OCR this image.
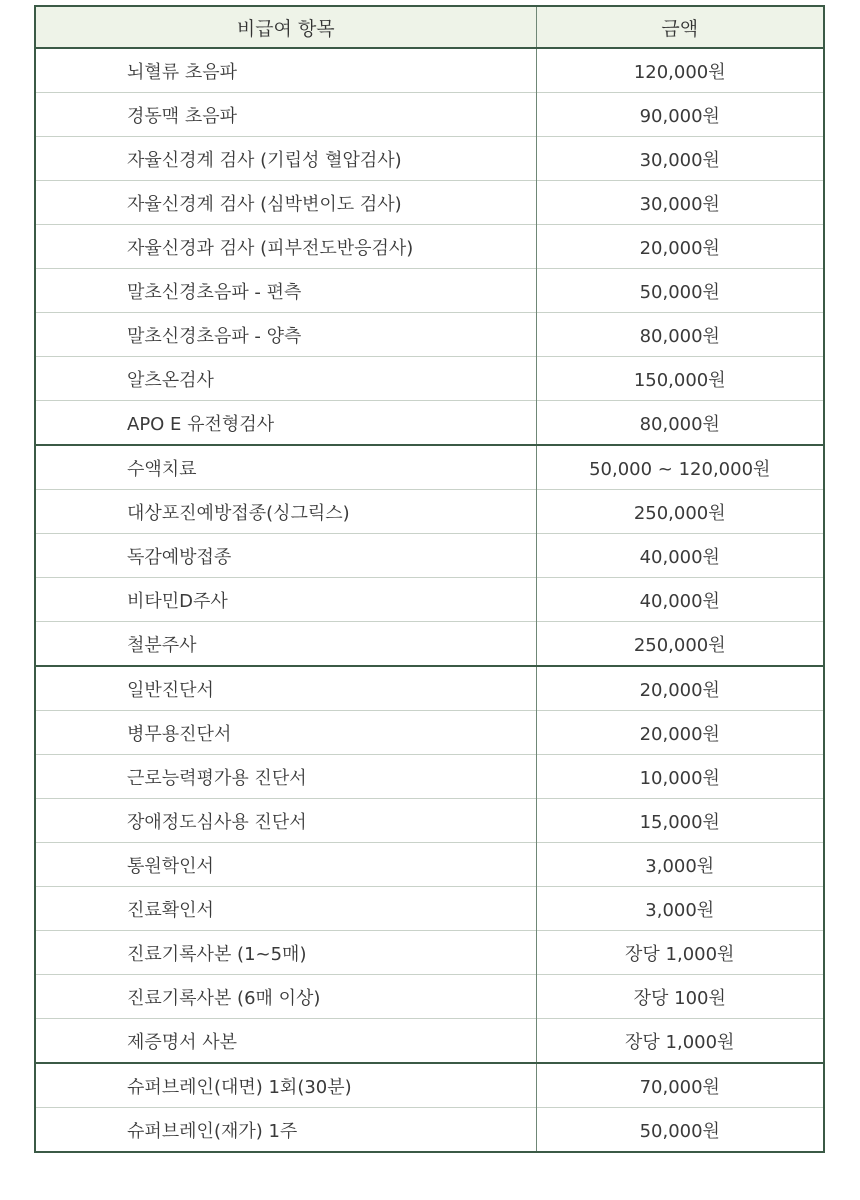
비급여 항목	금액
뇌혈류 초음파	120,000원
경동맥 초음파	90,000원
자율신경계 검사 (기립성 혈압검사)	30,000원
자율신경계 검사 (심박변이도 검사)	30,000원
자율신경과 검사 (피부전도반응검사)	20,000원
말초신경초음파 - 편측	50,000원
말초신경초음파 - 양측	80,000원
알츠온검사	150,000원
APO E 유전형검사	80,000원
수액치료	50,000 ~ 120,000원
대상포진예방접종(싱그릭스)	250,000원
독감예방접종	40,000원
비타민D주사	40,000원
철분주사	250,000원
일반진단서	20,000원
병무용진단서	20,000원
근로능력평가용 진단서	10,000원
장애정도심사용 진단서	15,000원
통원학인서	3,000원
진료확인서	3,000원
진료기록사본 (1~5매)	장당 1,000원
진료기록사본 (6매 이상)	장당 100원
제증명서 사본	장당 1,000원
슈퍼브레인(대면) 1회(30분)	70,000원
슈퍼브레인(재가) 1주	50,000원
